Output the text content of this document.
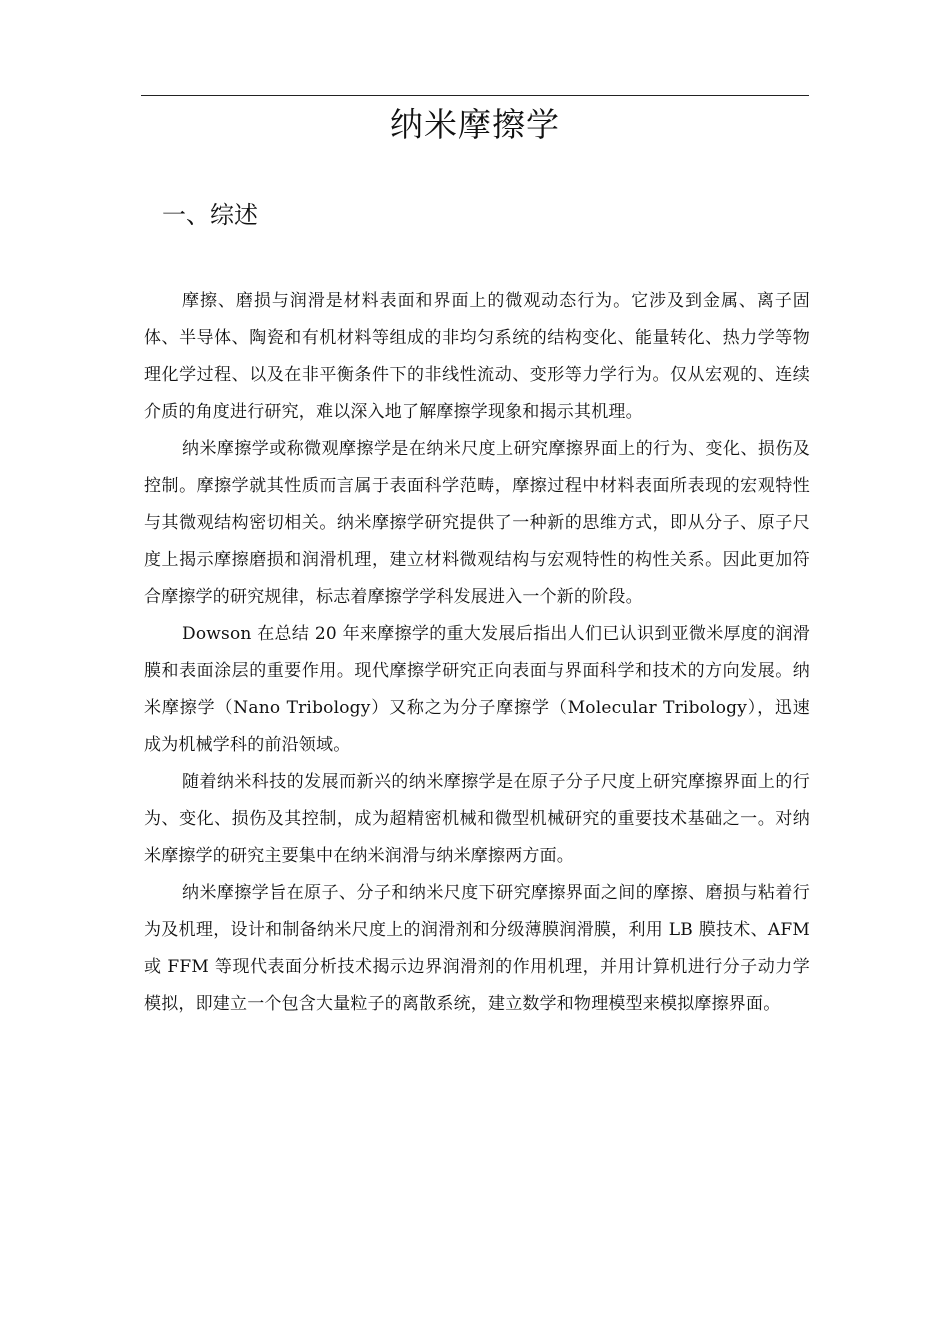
纳米摩擦学
一、综述

摩擦、磨损与润滑是材料表面和界面上的微观动态行为。它涉及到金属、离子固体、半导体、陶瓷和有机材料等组成的非均匀系统的结构变化、能量转化、热力学等物理化学过程、以及在非平衡条件下的非线性流动、变形等力学行为。仅从宏观的、连续介质的角度进行研究，难以深入地了解摩擦学现象和揭示其机理。

纳米摩擦学或称微观摩擦学是在纳米尺度上研究摩擦界面上的行为、变化、损伤及控制。摩擦学就其性质而言属于表面科学范畴，摩擦过程中材料表面所表现的宏观特性与其微观结构密切相关。纳米摩擦学研究提供了一种新的思维方式，即从分子、原子尺度上揭示摩擦磨损和润滑机理，建立材料微观结构与宏观特性的构性关系。因此更加符合摩擦学的研究规律，标志着摩擦学学科发展进入一个新的阶段。

Dowson 在总结 20 年来摩擦学的重大发展后指出人们已认识到亚微米厚度的润滑膜和表面涂层的重要作用。现代摩擦学研究正向表面与界面科学和技术的方向发展。纳米摩擦学（Nano Tribology）又称之为分子摩擦学（Molecular Tribology），迅速成为机械学科的前沿领域。

随着纳米科技的发展而新兴的纳米摩擦学是在原子分子尺度上研究摩擦界面上的行为、变化、损伤及其控制，成为超精密机械和微型机械研究的重要技术基础之一。对纳米摩擦学的研究主要集中在纳米润滑与纳米摩擦两方面。

纳米摩擦学旨在原子、分子和纳米尺度下研究摩擦界面之间的摩擦、磨损与粘着行为及机理，设计和制备纳米尺度上的润滑剂和分级薄膜润滑膜，利用 LB 膜技术、AFM 或 FFM 等现代表面分析技术揭示边界润滑剂的作用机理，并用计算机进行分子动力学模拟，即建立一个包含大量粒子的离散系统，建立数学和物理模型来模拟摩擦界面。
